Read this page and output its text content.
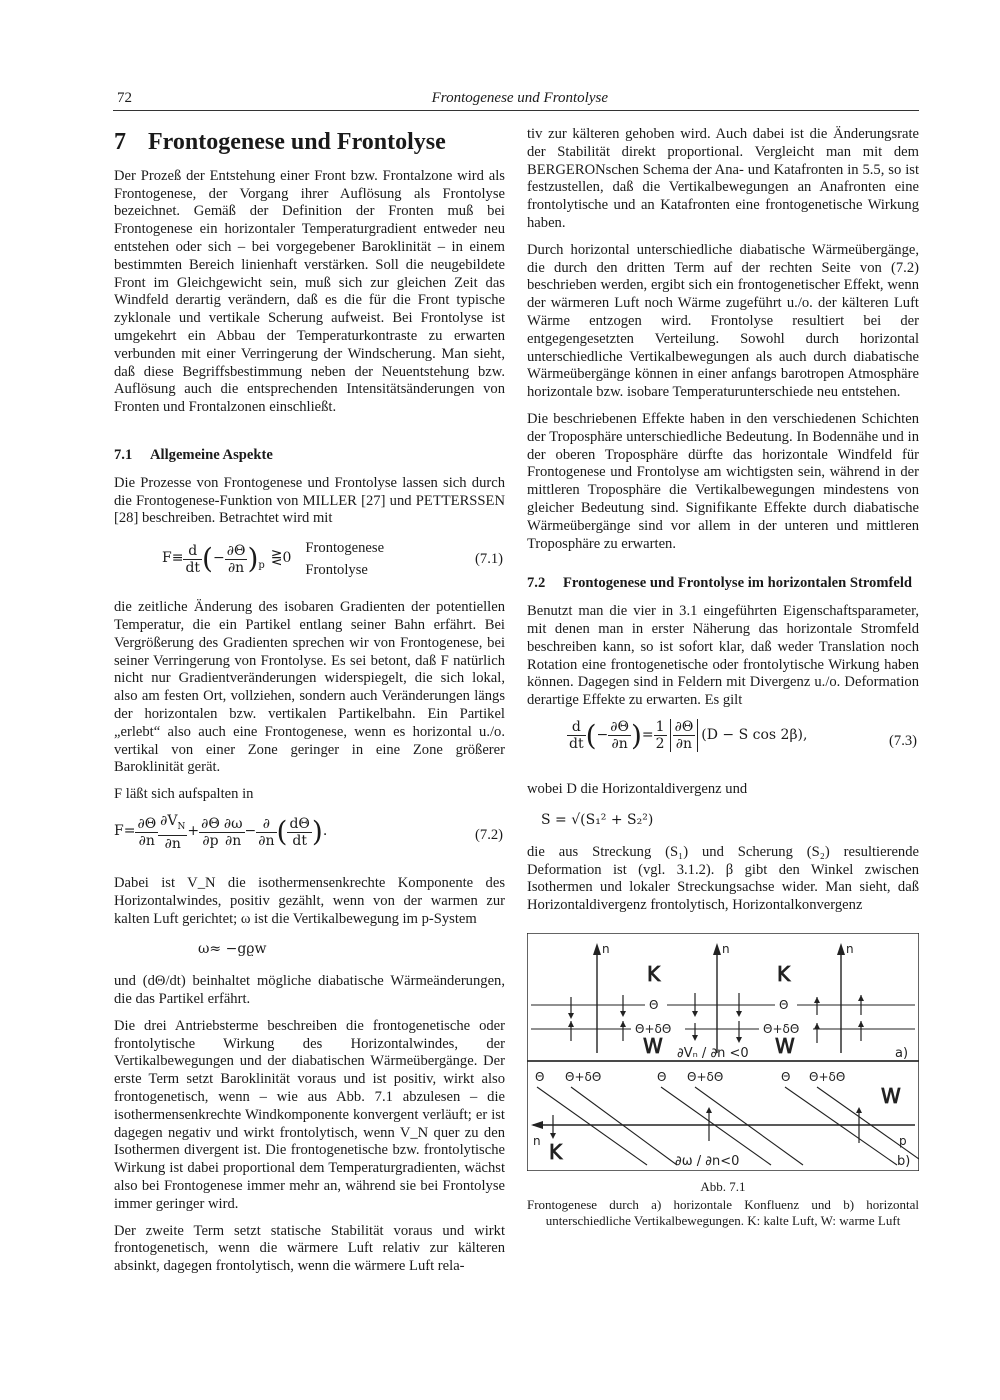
72	Frontogenese und Frontolyse
7 Frontogenese und Frontolyse

Der Prozeß der Entstehung einer Front bzw. Frontalzone wird als Frontogenese, der Vorgang ihrer Auflösung als Frontolyse bezeichnet. Gemäß der Definition der Fronten muß bei Frontogenese ein horizontaler Temperaturgradient entweder neu entstehen oder sich – bei vorgegebener Baroklinität – in einem bestimmten Bereich linienhaft verstärken. Soll die neugebildete Front im Gleichgewicht sein, muß sich zur gleichen Zeit das Windfeld derartig verändern, daß es die für die Front typische zyklonale und vertikale Scherung aufweist. Bei Frontolyse ist umgekehrt ein Abbau der Temperaturkontraste zu erwarten verbunden mit einer Verringerung der Windscherung. Man sieht, daß diese Begriffsbestimmung neben der Neuentstehung bzw. Auflösung auch die entsprechenden Intensitätsänderungen von Fronten und Frontalzonen einschließt.

7.1	Allgemeine Aspekte

Die Prozesse von Frontogenese und Frontolyse lassen sich durch die Frontogenese-Funktion von MILLER [27] und PETTERSSEN [28] beschreiben. Betrachtet wird mit

$F\equiv \frac{d}{dt}$ ( − $\frac{\partial\Theta}{\partial n} )_p$ ⋛0
Frontogenese
Frontolyse
(7.1)

die zeitliche Änderung des isobaren Gradienten der potentiellen Temperatur, die ein Partikel entlang seiner Bahn erfährt. Bei Vergrößerung des Gradienten sprechen wir von Frontogenese, bei seiner Verringerung von Frontolyse. Es sei betont, daß F natürlich nicht nur Gradientveränderungen widerspiegelt, die sich lokal, also am festen Ort, vollziehen, sondern auch Veränderungen längs der horizontalen bzw. vertikalen Partikelbahn. Ein Partikel „erlebt“ also auch eine Frontogenese, wenn es horizontal u./o. vertikal von einer Zone geringer in eine Zone größerer Baroklinität gerät.

F läßt sich aufspalten in

$F= \frac{\partial\Theta}{\partial n} \frac{\partial V_N}{\partial n} + \frac{\partial\Theta}{\partial p} \frac{\partial\omega}{\partial n} - \frac{\partial}{\partial n}$ ( $\frac{d\Theta}{dt}$ ) .	(7.2)

Dabei ist V_N die isothermensenkrechte Komponente des Horizontalwindes, positiv gezählt, wenn von der warmen zur kalten Luft gerichtet; ω ist die Vertikalbewegung im p-System

ω≈ −gϱw

und (dΘ/dt) beinhaltet mögliche diabatische Wärmeänderungen, die das Partikel erfährt.

Die drei Antriebsterme beschreiben die frontogenetische oder frontolytische Wirkung des Horizontalwindes, der Vertikalbewegungen und der diabatischen Wärmeübergänge. Der erste Term setzt Baroklinität voraus und ist positiv, wirkt also frontogenetisch, wenn – wie aus Abb. 7.1 abzulesen – die isothermensenkrechte Windkomponente konvergent verläuft; er ist dagegen negativ und wirkt frontolytisch, wenn V_N quer zu den Isothermen divergent ist. Die frontogenetische bzw. frontolytische Wirkung ist dabei proportional dem Temperaturgradienten, wächst also bei Frontogenese immer mehr an, während sie bei Frontolyse immer geringer wird.

Der zweite Term setzt statische Stabilität voraus und wirkt frontogenetisch, wenn die wärmere Luft relativ zur kälteren absinkt, dagegen frontolytisch, wenn die wärmere Luft rela-

tiv zur kälteren gehoben wird. Auch dabei ist die Änderungsrate der Stabilität direkt proportional. Vergleicht man mit dem BERGERONschen Schema der Ana- und Katafronten in 5.5, so ist festzustellen, daß die Vertikalbewegungen an Anafronten eine frontolytische und an Katafronten eine frontogenetische Wirkung haben.

Durch horizontal unterschiedliche diabatische Wärmeübergänge, die durch den dritten Term auf der rechten Seite von (7.2) beschrieben werden, ergibt sich ein frontogenetischer Effekt, wenn der wärmeren Luft noch Wärme zugeführt u./o. der kälteren Luft Wärme entzogen wird. Frontolyse resultiert bei der entgegengesetzten Verteilung. Sowohl durch horizontal unterschiedliche Vertikalbewegungen als auch durch diabatische Wärmeübergänge können in einer anfangs barotropen Atmosphäre horizontale bzw. isobare Temperaturunterschiede neu entstehen.

Die beschriebenen Effekte haben in den verschiedenen Schichten der Troposphäre unterschiedliche Bedeutung. In Bodennähe und in der oberen Troposphäre dürfte das horizontale Windfeld für Frontogenese und Frontolyse am wichtigsten sein, während in der mittleren Troposphäre die Vertikalbewegungen mindestens von gleicher Bedeutung sind. Signifikante Effekte durch diabatische Wärmeübergänge sind vor allem in der unteren und mittleren Troposphäre zu erwarten.

7.2	Frontogenese und Frontolyse im horizontalen Stromfeld

Benutzt man die vier in 3.1 eingeführten Eigenschaftsparameter, mit denen man in erster Näherung das horizontale Stromfeld beschreiben kann, so ist sofort klar, daß weder Translation noch Rotation eine frontogenetische oder frontolytische Wirkung haben können. Dagegen sind in Feldern mit Divergenz u./o. Deformation derartige Effekte zu erwarten. Es gilt

$\frac{d}{dt}$ ( − $\frac{\partial\Theta}{\partial n}$ ) = $\frac{1}{2} \frac{\partial\Theta}{\partial n} (D - S$ cos 2β),	(7.3)

wobei D die Horizontaldivergenz und

S = √(S₁² + S₂²)

die aus Streckung (S₁) und Scherung (S₂) resultierende Deformation ist (vgl. 3.1.2). β gibt den Winkel zwischen Isothermen und lokaler Streckungsachse wider. Man sieht, daß Horizontaldivergenz frontolytisch, Horizontalkonvergenz

n	n	n
Θ
Θ+δΘ
Θ
Θ+δΘ
K	K
W	W
∂Vₙ / ∂n <0	a)
Θ Θ+δΘ	Θ Θ+δΘ	Θ Θ+δΘ
n	p
W
K	∂ω / ∂n<0	b)
Abb. 7.1
Frontogenese durch a) horizontale Konfluenz und b) horizontal unterschiedliche Vertikalbewegungen. K: kalte Luft, W: warme Luft
